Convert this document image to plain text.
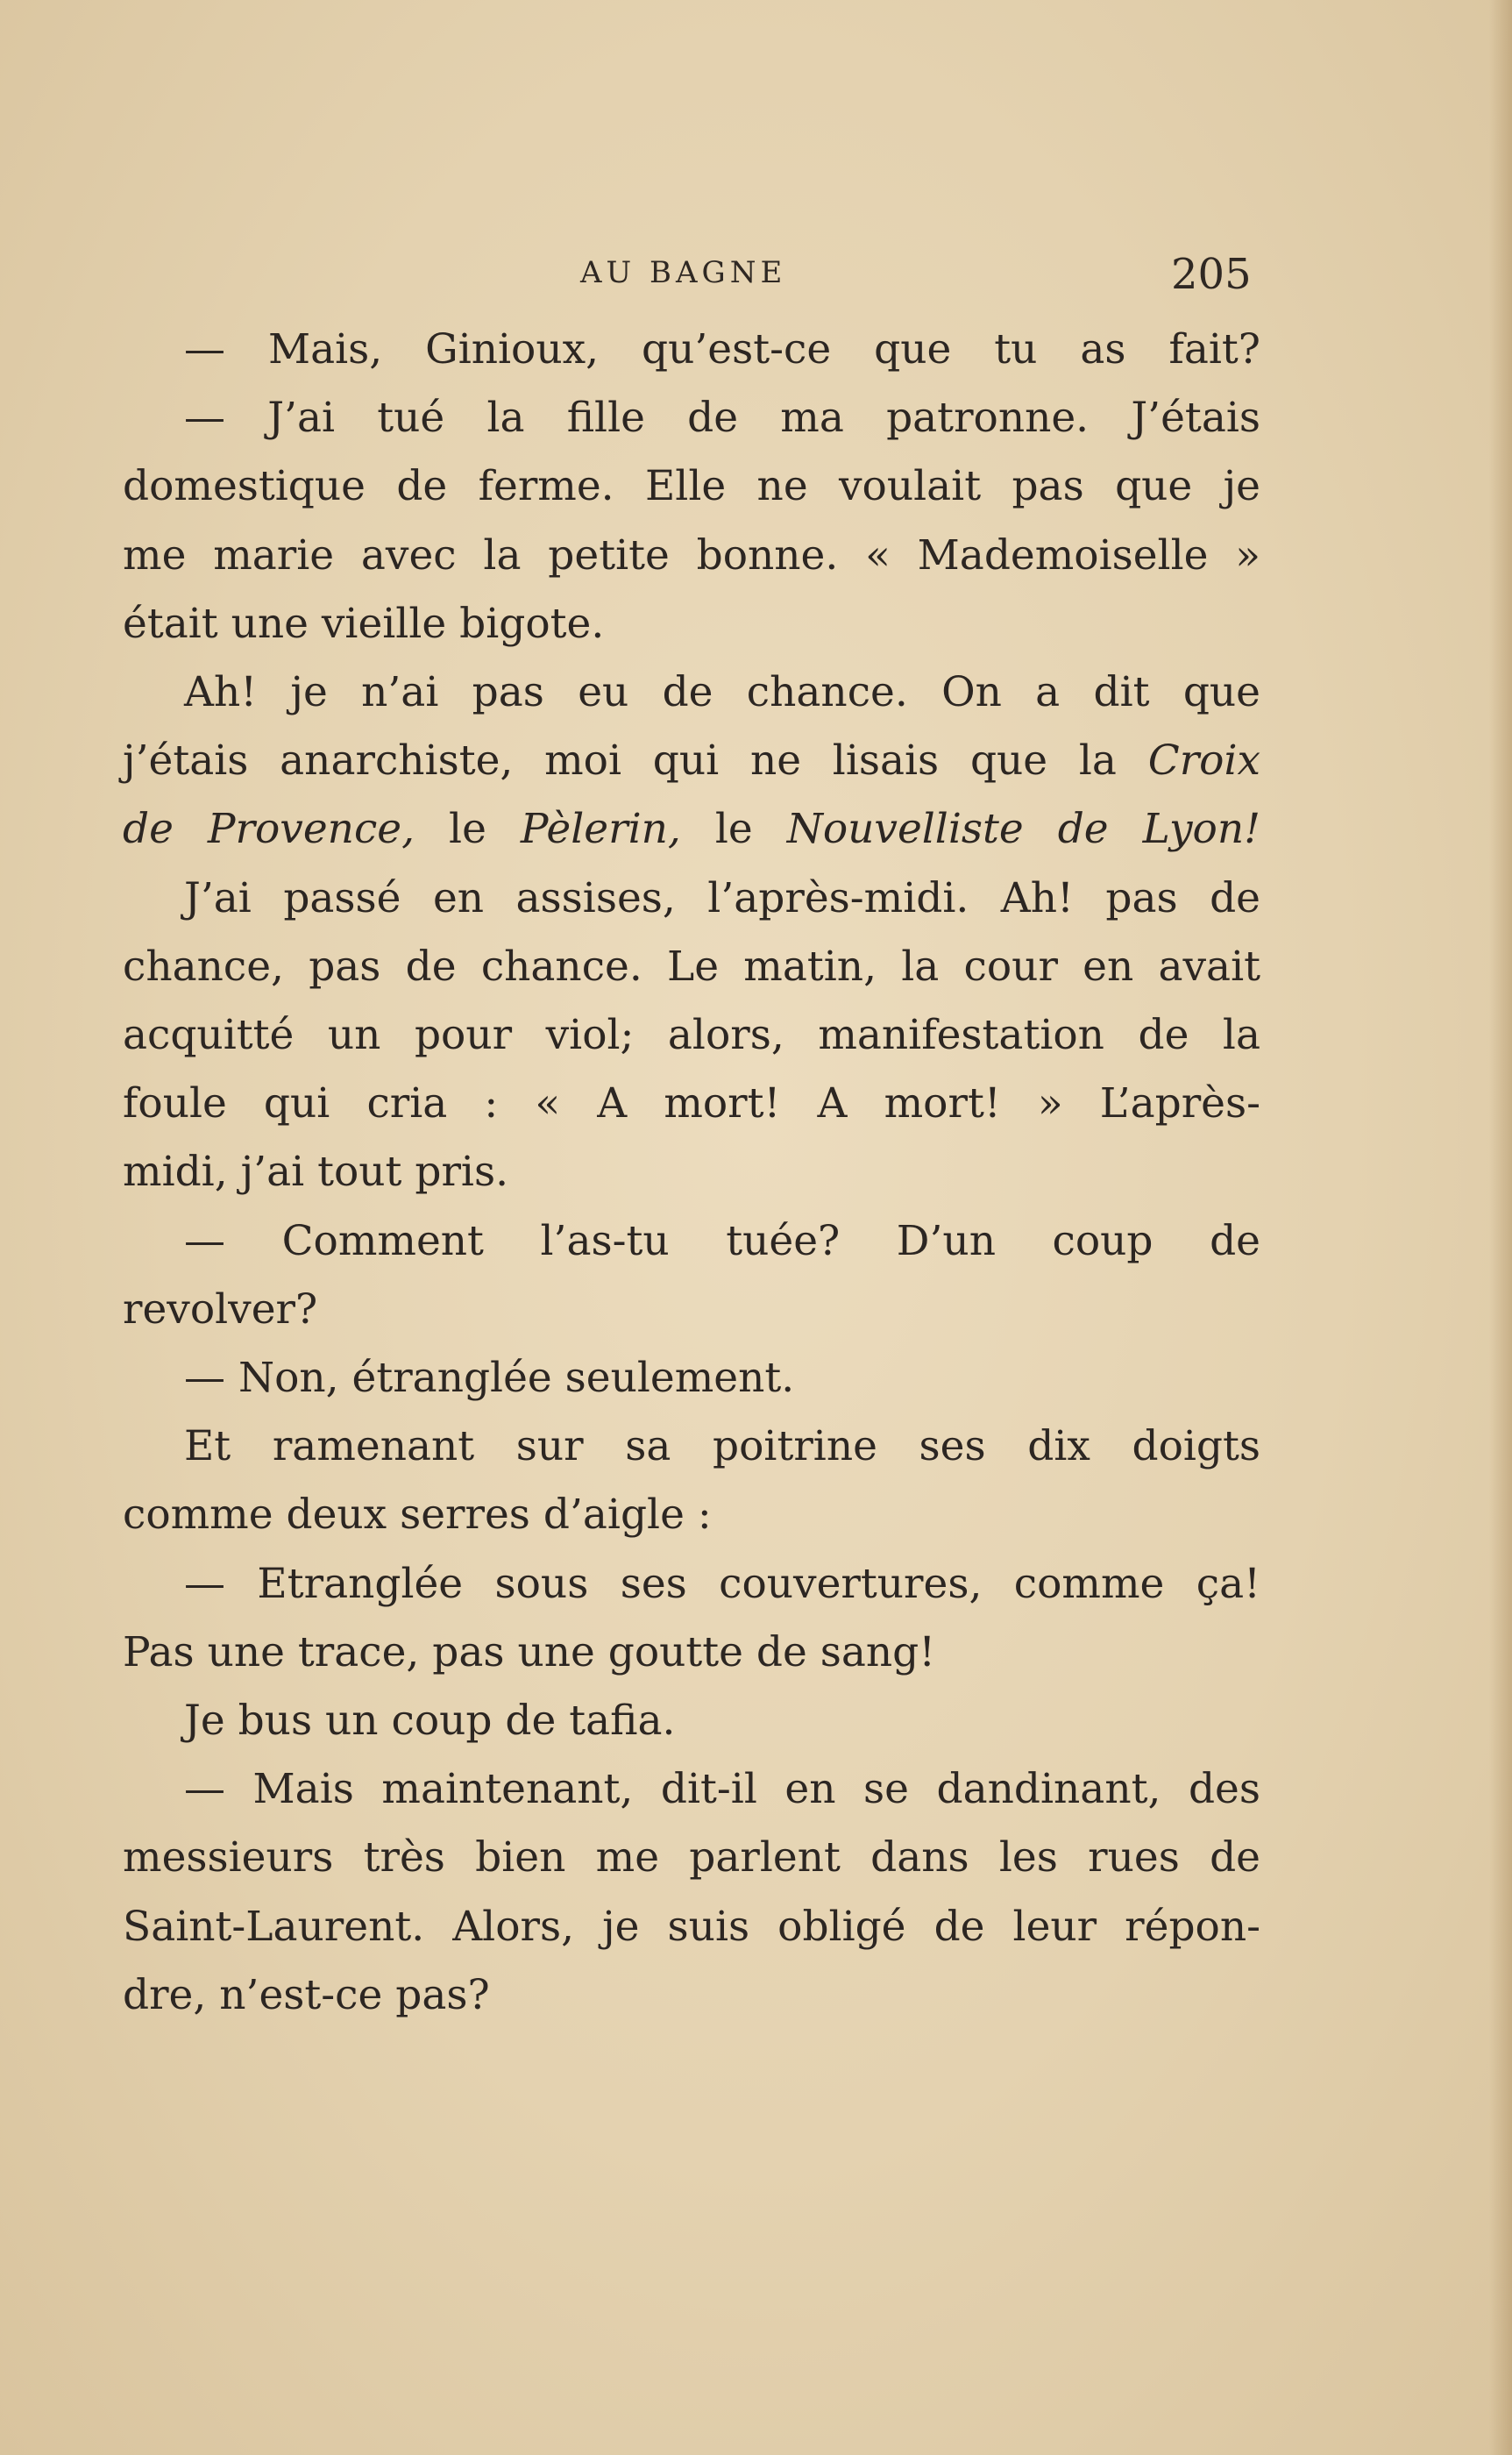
AU BAGNE	205
— Mais, Ginioux, qu’est-ce que tu as fait?
— J’ai tué la fille de ma patronne. J’étais
domestique de ferme. Elle ne voulait pas que je
me marie avec la petite bonne. « Mademoiselle »
était une vieille bigote.
Ah! je n’ai pas eu de chance. On a dit que
j’étais anarchiste, moi qui ne lisais que la Croix
de Provence, le Pèlerin, le Nouvelliste de Lyon!
J’ai passé en assises, l’après-midi. Ah! pas de
chance, pas de chance. Le matin, la cour en avait
acquitté un pour viol; alors, manifestation de la
foule qui cria : « A mort! A mort! » L’après-
midi, j’ai tout pris.
— Comment l’as-tu tuée? D’un coup de
revolver?
— Non, étranglée seulement.
Et ramenant sur sa poitrine ses dix doigts
comme deux serres d’aigle :
— Etranglée sous ses couvertures, comme ça!
Pas une trace, pas une goutte de sang!
Je bus un coup de tafia.
— Mais maintenant, dit-il en se dandinant, des
messieurs très bien me parlent dans les rues de
Saint-Laurent. Alors, je suis obligé de leur répon-
dre, n’est-ce pas?
